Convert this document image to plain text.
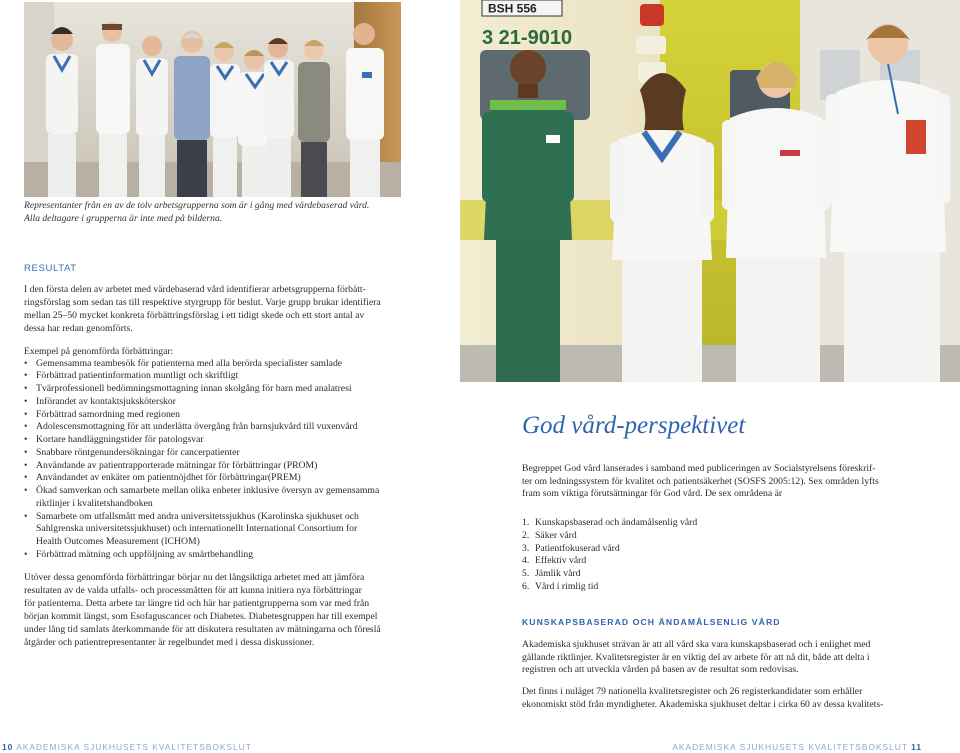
BSH 556
3 21-9010
Representanter från en av de tolv arbetsgrupperna som är i gång med värdebaserad vård.
Alla deltagare i grupperna är inte med på bilderna.
RESULTAT
I den första delen av arbetet med värdebaserad vård identifierar arbetsgrupperna förbätt-
ringsförslag som sedan tas till respektive styrgrupp för beslut. Varje grupp brukar identifiera
mellan 25–50 mycket konkreta förbättringsförslag i ett tidigt skede och ett stort antal av
dessa har redan genomförts.
Exempel på genomförda förbättringar:
• Gemensamma teambesök för patienterna med alla berörda specialister samlade
• Förbättrad patientinformation muntligt och skriftligt
• Tvärprofessionell bedömningsmottagning innan skolgång för barn med analatresi
• Införandet av kontaktsjuksköterskor
• Förbättrad samordning med regionen
• Adolescensmottagning för att underlätta övergång från barnsjukvård till vuxenvård
• Kortare handläggningstider för patologsvar
• Snabbare röntgenundersökningar för cancerpatienter
• Användande av patientrapporterade mätningar för förbättringar (PROM)
• Användandet av enkäter om patientnöjdhet för förbättringar(PREM)
• Ökad samverkan och samarbete mellan olika enheter inklusive översyn av gemensamma
riktlinjer i kvalitetshandboken
• Samarbete om utfallsmått med andra universitetssjukhus (Karolinska sjukhuset och
Sahlgrenska universitetssjukhuset) och internationellt International Consortium for
Health Outcomes Measurement (ICHOM)
• Förbättrad mätning och uppföljning av smärtbehandling
Utöver dessa genomförda förbättringar börjar nu det långsiktiga arbetet med att jämföra
resultaten av de valda utfalls- och processmåtten för att kunna initiera nya förbättringar
för patienterna. Detta arbete tar längre tid och här har patientgrupperna som var med från
början kommit längst, som Esofaguscancer och Diabetes. Diabetesgruppen har till exempel
under lång tid samlats återkommande för att diskutera resultaten av mätningarna och föreslå
åtgärder och patientrepresentanter är regelbundet med i dessa diskussioner.
God vård-perspektivet
Begreppet God vård lanserades i samband med publiceringen av Socialstyrelsens föreskrif-
ter om ledningssystem för kvalitet och patientsäkerhet (SOSFS 2005:12). Sex områden lyfts
fram som viktiga förutsättningar för God vård. De sex områdena är
1. Kunskapsbaserad och ändamålsenlig vård
2. Säker vård
3. Patientfokuserad vård
4. Effektiv vård
5. Jämlik vård
6. Vård i rimlig tid
KUNSKAPSBASERAD OCH ÄNDAMÅLSENLIG VÅRD
Akademiska sjukhuset strävan är att all vård ska vara kunskapsbaserad och i enlighet med
gällande riktlinjer. Kvalitetsregister är en viktig del av arbete för att nå dit, både att delta i
registren och att utveckla vården på basen av de resultat som redovisas.
Det finns i nuläget 79 nationella kvalitetsregister och 26 registerkandidater som erhåller
ekonomiskt stöd från myndigheter. Akademiska sjukhuset deltar i cirka 60 av dessa kvalitets-
10 AKADEMISKA SJUKHUSETS KVALITETSBOKSLUT	AKADEMISKA SJUKHUSETS KVALITETSBOKSLUT 11
